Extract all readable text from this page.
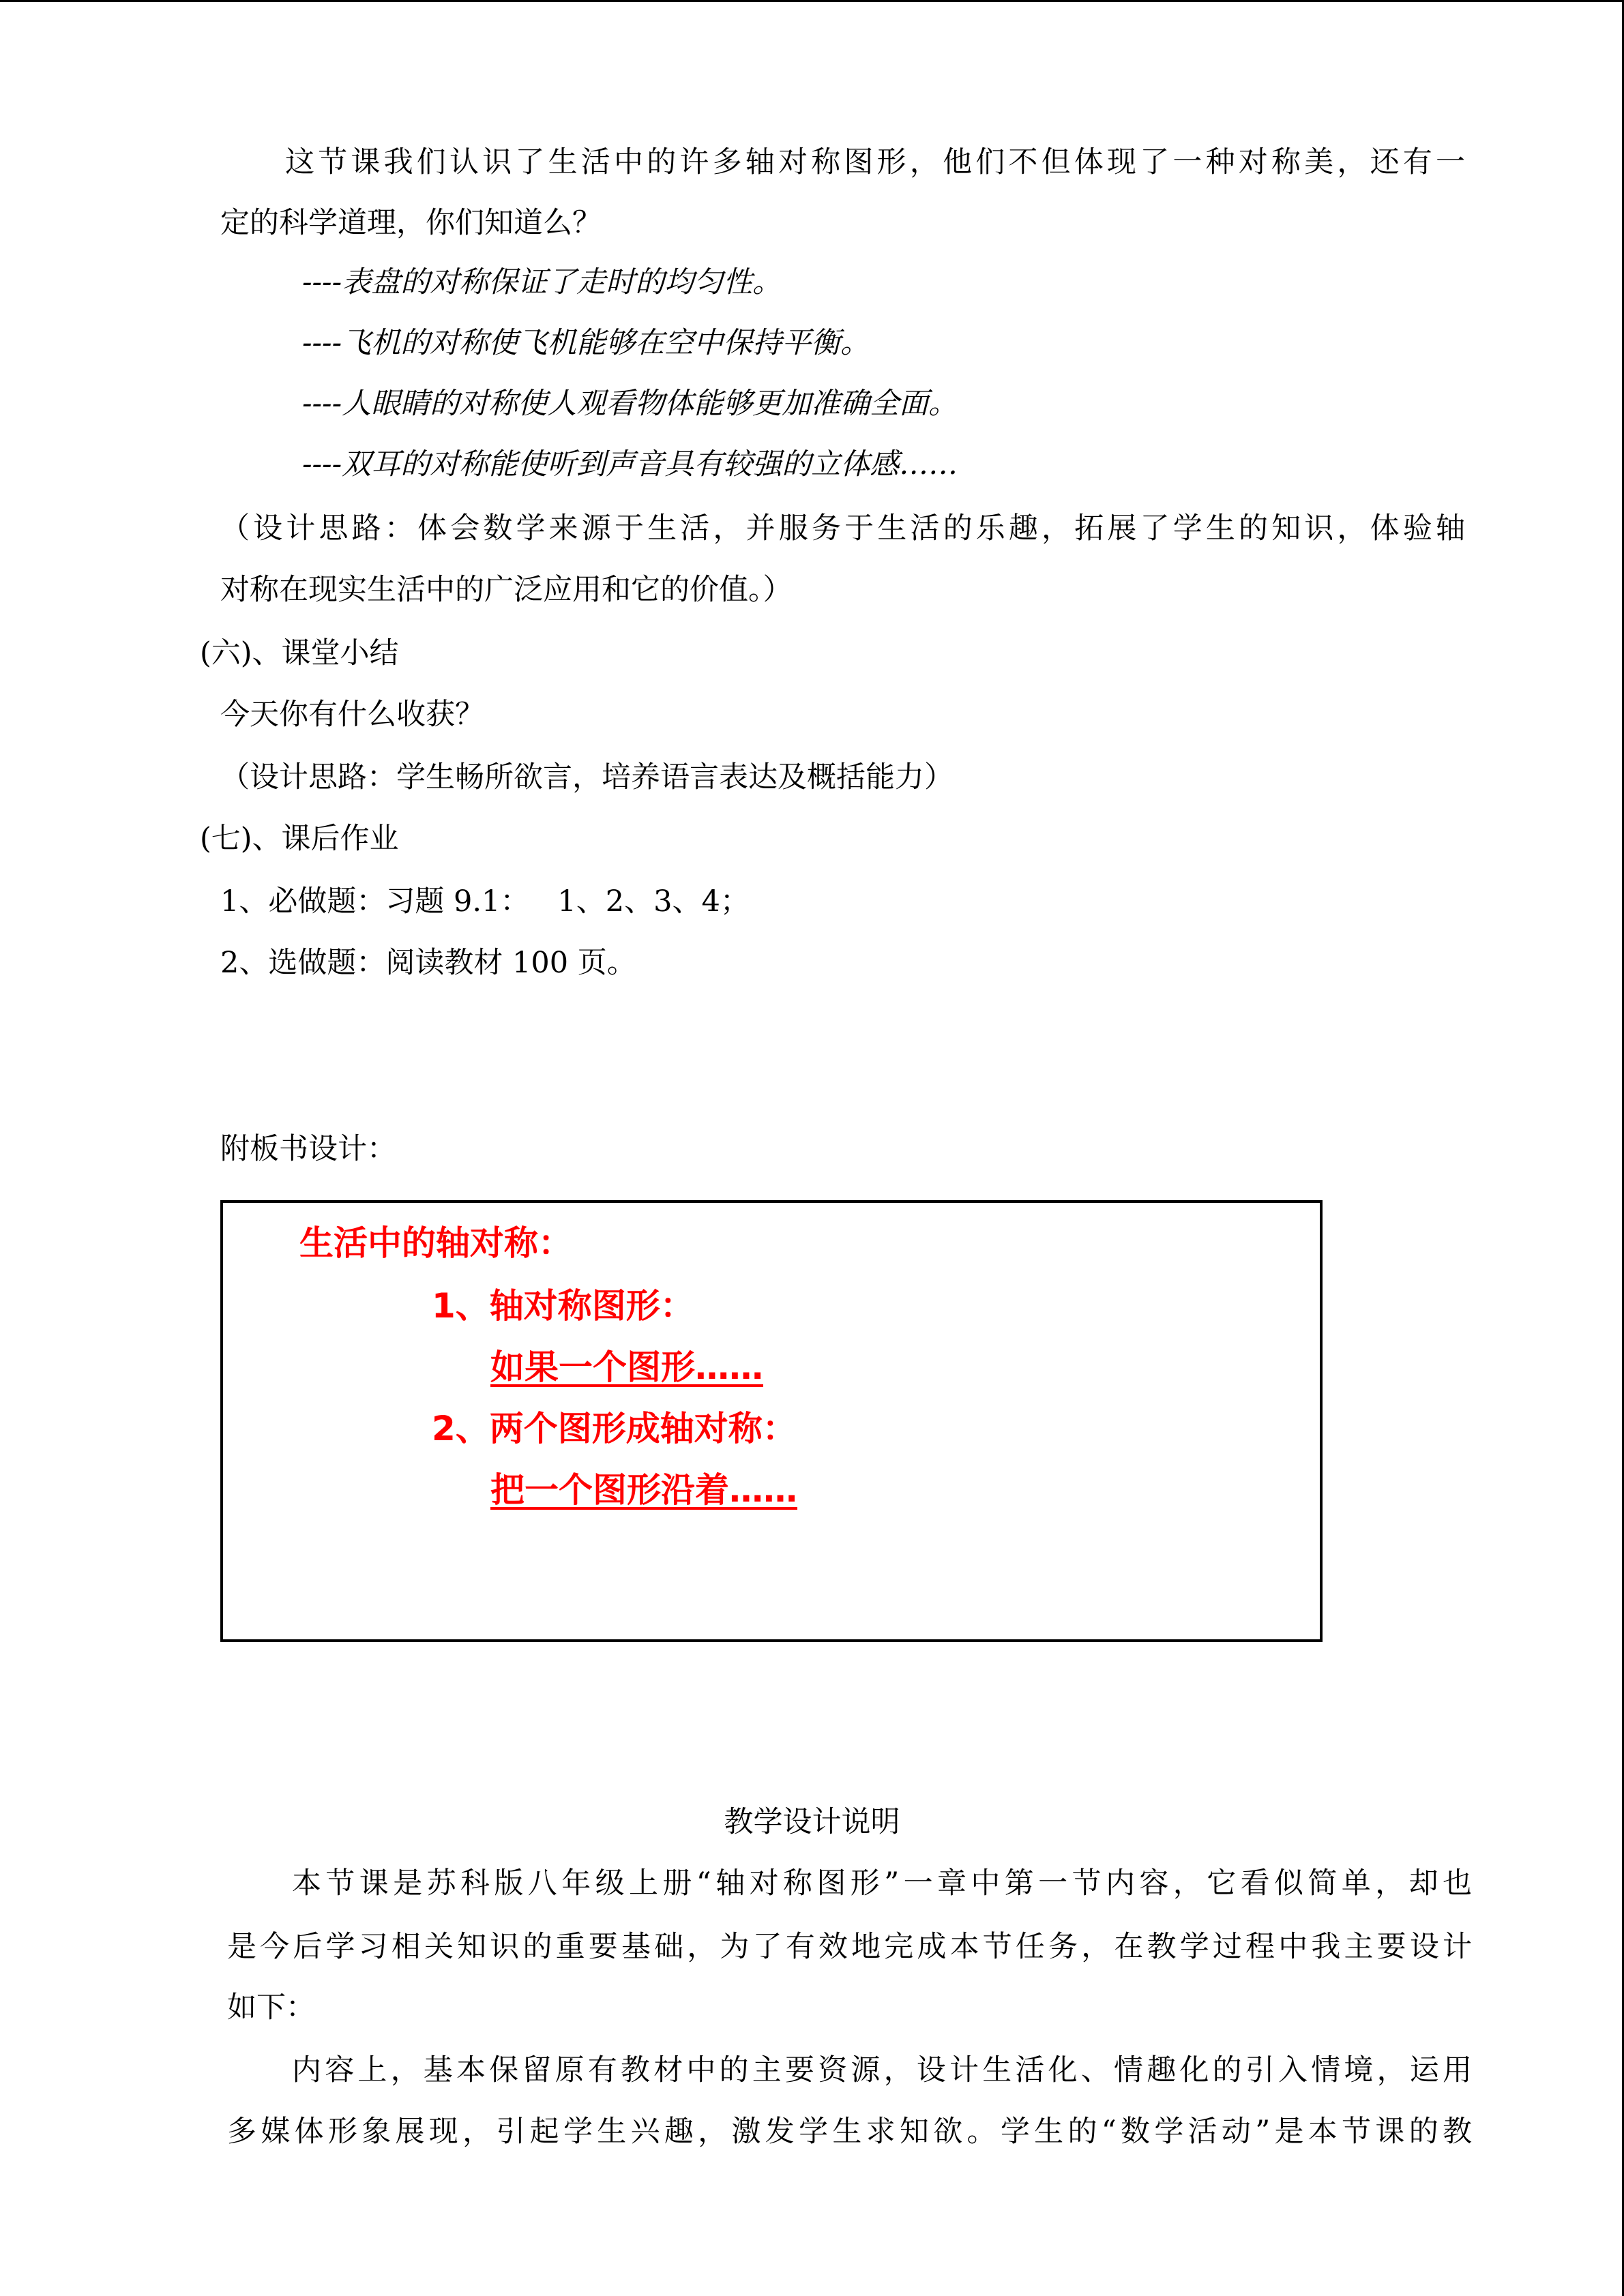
这节课我们认识了生活中的许多轴对称图形，他们不但体现了一种对称美，还有一
定的科学道理，你们知道么？
----表盘的对称保证了走时的均匀性。
----飞机的对称使飞机能够在空中保持平衡。
----人眼睛的对称使人观看物体能够更加准确全面。
----双耳的对称能使听到声音具有较强的立体感……
（设计思路：体会数学来源于生活，并服务于生活的乐趣，拓展了学生的知识，体验轴
对称在现实生活中的广泛应用和它的价值。）
(六)、课堂小结
今天你有什么收获？
（设计思路：学生畅所欲言，培养语言表达及概括能力）
(七)、课后作业
1、必做题：习题 9.1：   1、2、3、4；
2、选做题：阅读教材 100 页。
附板书设计：
生活中的轴对称：
1、轴对称图形：
如果一个图形……
2、两个图形成轴对称：
把一个图形沿着……
教学设计说明
本节课是苏科版八年级上册“轴对称图形”一章中第一节内容，它看似简单，却也
是今后学习相关知识的重要基础，为了有效地完成本节任务，在教学过程中我主要设计
如下：
内容上，基本保留原有教材中的主要资源，设计生活化、情趣化的引入情境，运用
多媒体形象展现，引起学生兴趣，激发学生求知欲。学生的“数学活动”是本节课的教
